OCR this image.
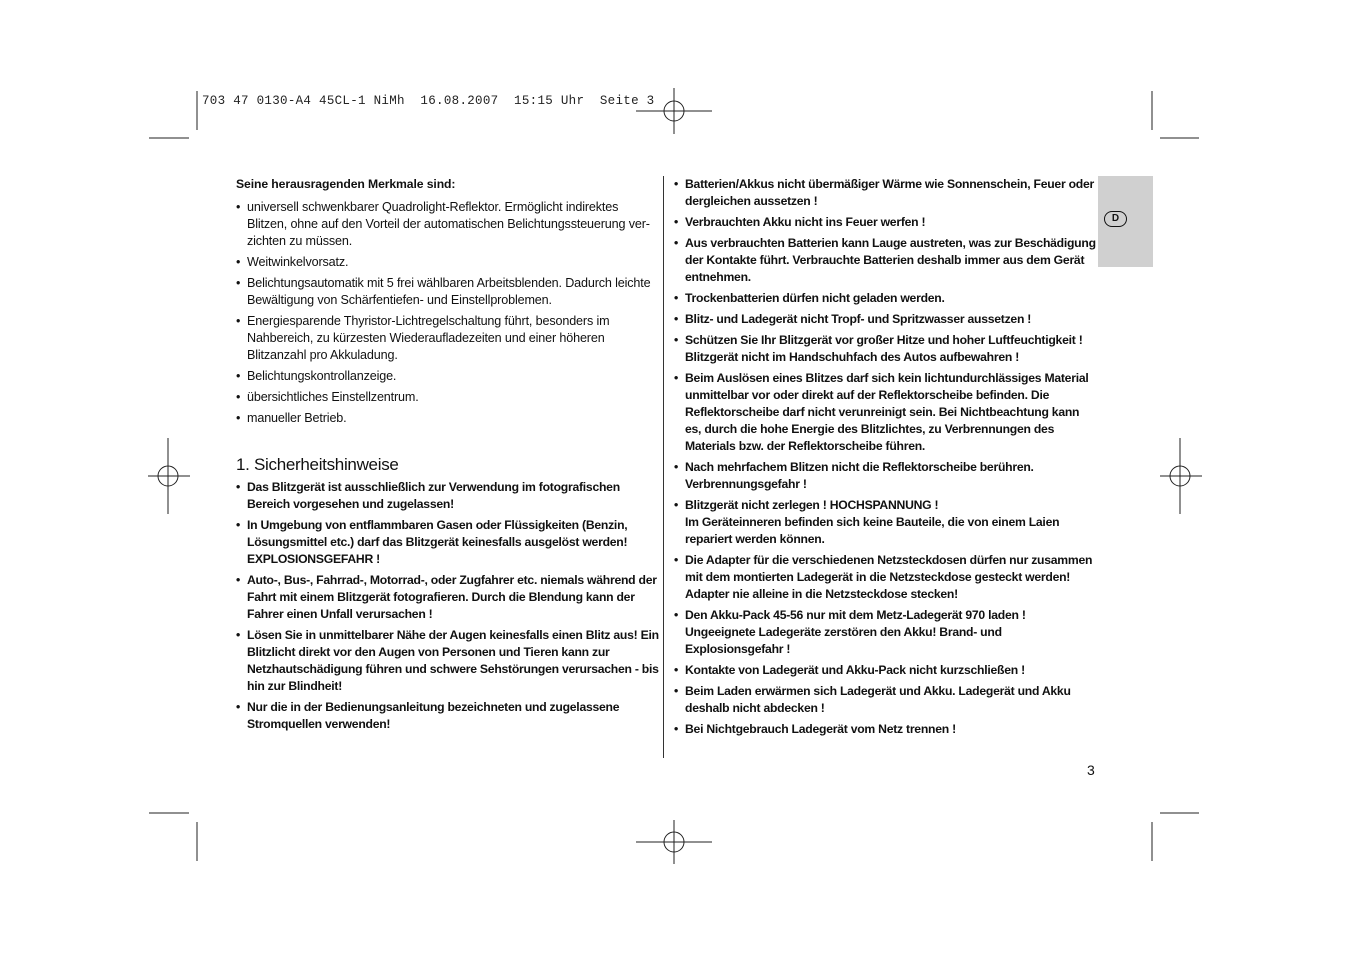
703 47 0130-A4 45CL-1 NiMh  16.08.2007  15:15 Uhr  Seite 3
D
Seine herausragenden Merkmale sind:
• universell schwenkbarer Quadrolight-Reflektor. Ermöglicht indirektes Blitzen, ohne auf den Vorteil der automatischen Belichtungssteuerung verzichten zu müssen.
• Weitwinkelvorsatz.
• Belichtungsautomatik mit 5 frei wählbaren Arbeitsblenden. Dadurch leichte Bewältigung von Schärfentiefen- und Einstellproblemen.
• Energiesparende Thyristor-Lichtregelschaltung führt, besonders im Nahbereich, zu kürzesten Wiederaufladezeiten und einer höheren Blitzanzahl pro Akkuladung.
• Belichtungskontrollanzeige.
• übersichtliches Einstellzentrum.
• manueller Betrieb.
1. Sicherheitshinweise
• Das Blitzgerät ist ausschließlich zur Verwendung im fotografischen Bereich vorgesehen und zugelassen!
• In Umgebung von entflammbaren Gasen oder Flüssigkeiten (Benzin, Lösungsmittel etc.) darf das Blitzgerät keinesfalls ausgelöst werden! EXPLOSIONSGEFAHR !
• Auto-, Bus-, Fahrrad-, Motorrad-, oder Zugfahrer etc. niemals während der Fahrt mit einem Blitzgerät fotografieren. Durch die Blendung kann der Fahrer einen Unfall verursachen !
• Lösen Sie in unmittelbarer Nähe der Augen keinesfalls einen Blitz aus! Ein Blitzlicht direkt vor den Augen von Personen und Tieren kann zur Netzhautschädigung führen und schwere Sehstörungen verursachen - bis hin zur Blindheit!
• Nur die in der Bedienungsanleitung bezeichneten und zugelassene Stromquellen verwenden!
• Batterien/Akkus nicht übermäßiger Wärme wie Sonnenschein, Feuer oder dergleichen aussetzen !
• Verbrauchten Akku nicht ins Feuer werfen !
• Aus verbrauchten Batterien kann Lauge austreten, was zur Beschädigung der Kontakte führt. Verbrauchte Batterien deshalb immer aus dem Gerät entnehmen.
• Trockenbatterien dürfen nicht geladen werden.
• Blitz- und Ladegerät nicht Tropf- und Spritzwasser aussetzen !
• Schützen Sie Ihr Blitzgerät vor großer Hitze und hoher Luftfeuchtigkeit ! Blitzgerät nicht im Handschuhfach des Autos aufbewahren !
• Beim Auslösen eines Blitzes darf sich kein lichtundurchlässiges Material unmittelbar vor oder direkt auf der Reflektorscheibe befinden. Die Reflektorscheibe darf nicht verunreinigt sein. Bei Nichtbeachtung kann es, durch die hohe Energie des Blitzlichtes, zu Verbrennungen des Materials bzw. der Reflektorscheibe führen.
• Nach mehrfachem Blitzen nicht die Reflektorscheibe berühren. Verbrennungsgefahr !
• Blitzgerät nicht zerlegen ! HOCHSPANNUNG !
Im Geräteinneren befinden sich keine Bauteile, die von einem Laien repariert werden können.
• Die Adapter für die verschiedenen Netzsteckdosen dürfen nur zusammen mit dem montierten Ladegerät in die Netzsteckdose gesteckt werden! Adapter nie alleine in die Netzsteckdose stecken!
• Den Akku-Pack 45-56 nur mit dem Metz-Ladegerät 970 laden ! Ungeeignete Ladegeräte zerstören den Akku! Brand- und Explosionsgefahr !
• Kontakte von Ladegerät und Akku-Pack nicht kurzschließen !
• Beim Laden erwärmen sich Ladegerät und Akku. Ladegerät und Akku deshalb nicht abdecken !
• Bei Nichtgebrauch Ladegerät vom Netz trennen !
3
